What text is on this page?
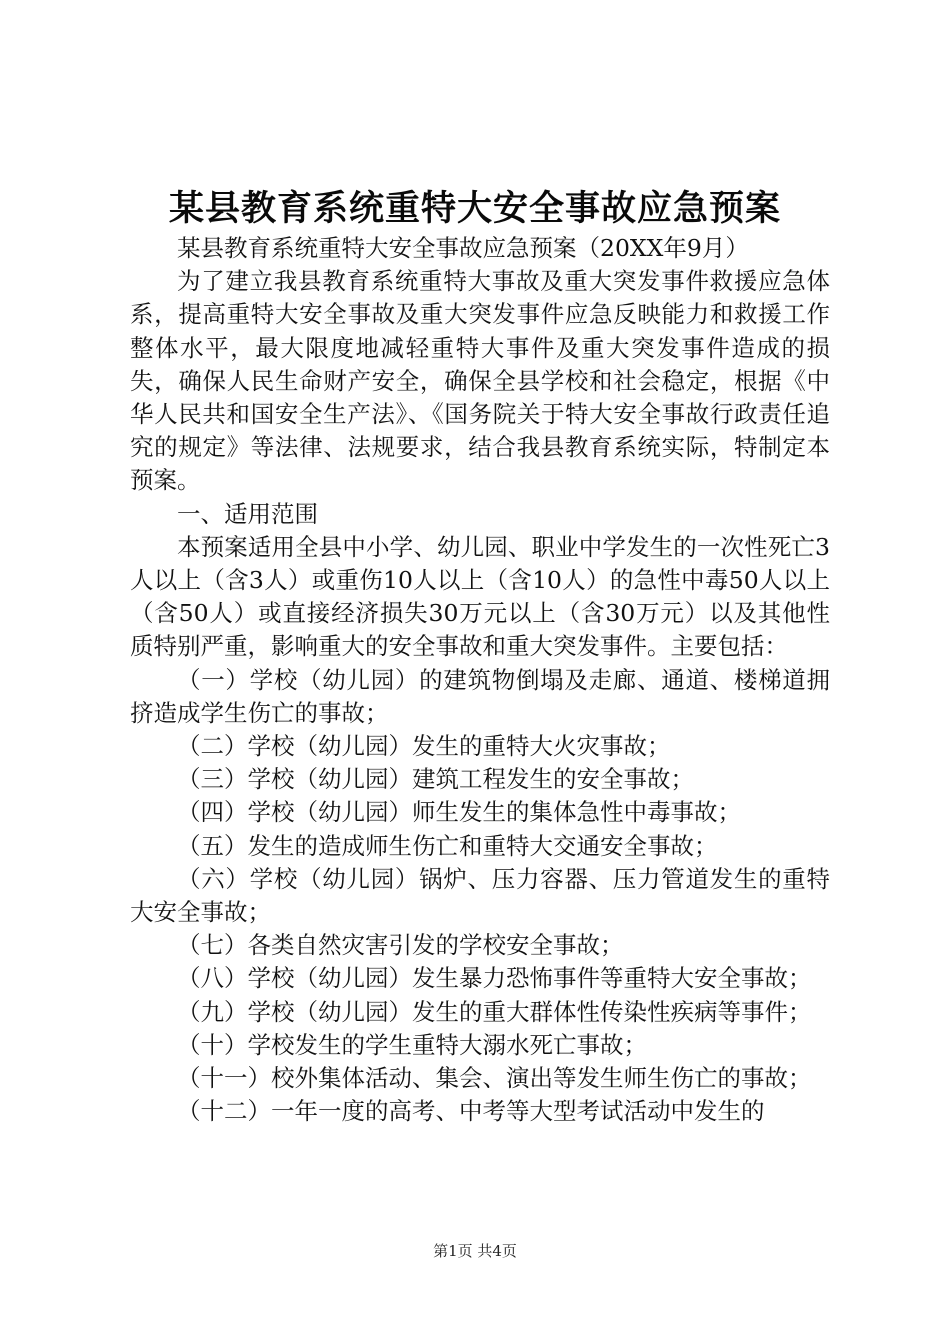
某县教育系统重特大安全事故应急预案

某县教育系统重特大安全事故应急预案（20XX年9月）

为了建立我县教育系统重特大事故及重大突发事件救援应急体系，提高重特大安全事故及重大突发事件应急反映能力和救援工作整体水平，最大限度地减轻重特大事件及重大突发事件造成的损失，确保人民生命财产安全，确保全县学校和社会稳定，根据《中华人民共和国安全生产法》、《国务院关于特大安全事故行政责任追究的规定》等法律、法规要求，结合我县教育系统实际，特制定本预案。

一、适用范围

本预案适用全县中小学、幼儿园、职业中学发生的一次性死亡3人以上（含3人）或重伤10人以上（含10人）的急性中毒50人以上（含50人）或直接经济损失30万元以上（含30万元）以及其他性质特别严重，影响重大的安全事故和重大突发事件。主要包括：

（一）学校（幼儿园）的建筑物倒塌及走廊、通道、楼梯道拥挤造成学生伤亡的事故；

（二）学校（幼儿园）发生的重特大火灾事故；

（三）学校（幼儿园）建筑工程发生的安全事故；

（四）学校（幼儿园）师生发生的集体急性中毒事故；

（五）发生的造成师生伤亡和重特大交通安全事故；

（六）学校（幼儿园）锅炉、压力容器、压力管道发生的重特大安全事故；

（七）各类自然灾害引发的学校安全事故；

（八）学校（幼儿园）发生暴力恐怖事件等重特大安全事故；

（九）学校（幼儿园）发生的重大群体性传染性疾病等事件；

（十）学校发生的学生重特大溺水死亡事故；

（十一）校外集体活动、集会、演出等发生师生伤亡的事故；

（十二）一年一度的高考、中考等大型考试活动中发生的

第1页 共4页
